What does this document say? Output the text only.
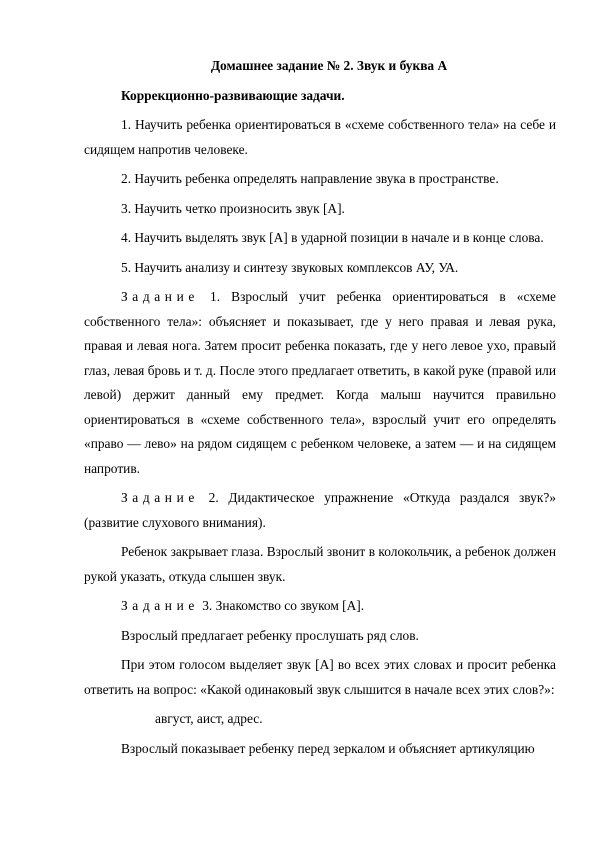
Домашнее задание № 2. Звук и буква А

Коррекционно-развивающие задачи.

1. Научить ребенка ориентироваться в «схеме собственного тела» на себе и сидящем напротив человеке.

2. Научить ребенка определять направление звука в пространстве.

3. Научить четко произносить звук [А].

4. Научить выделять звук [А] в ударной позиции в начале и в конце слова.

5. Научить анализу и синтезу звуковых комплексов АУ, УА.

Задание 1. Взрослый учит ребенка ориентироваться в «схеме собственного тела»: объясняет и показывает, где у него правая и левая рука, правая и левая нога. Затем просит ребенка показать, где у него левое ухо, правый глаз, левая бровь и т. д. После этого предлагает ответить, в какой руке (правой или левой) держит данный ему предмет. Когда малыш научится правильно ориентироваться в «схеме собственного тела», взрослый учит его определять «право — лево» на рядом сидящем с ребенком человеке, а затем — и на сидящем напротив.

Задание 2. Дидактическое упражнение «Откуда раздался звук?» (развитие слухового внимания).

Ребенок закрывает глаза. Взрослый звонит в колокольчик, а ребенок должен рукой указать, откуда слышен звук.

Задание 3. Знакомство со звуком [А].

Взрослый предлагает ребенку прослушать ряд слов.

При этом голосом выделяет звук [А] во всех этих словах и просит ребенка ответить на вопрос: «Какой одинаковый звук слышится в начале всех этих слов?»:

август, аист, адрес.

Взрослый показывает ребенку перед зеркалом и объясняет артикуляцию
